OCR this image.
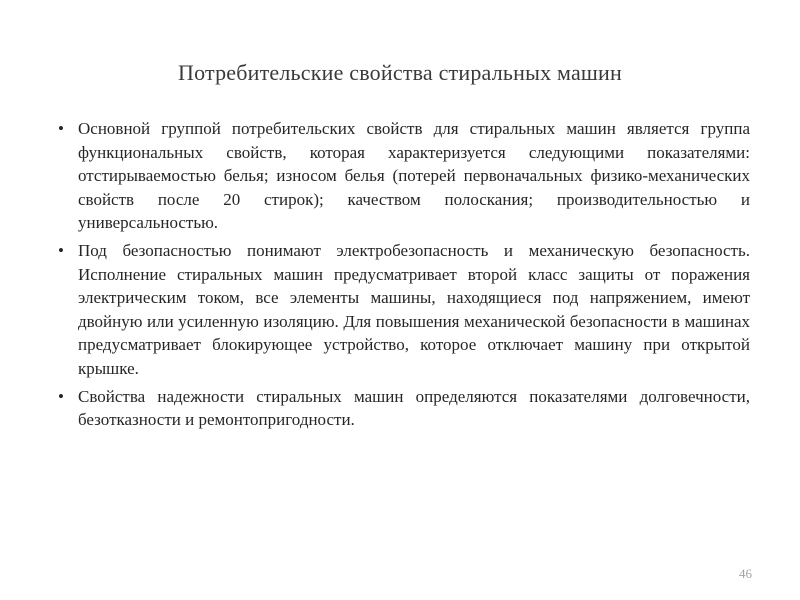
Потребительские свойства стиральных машин
• Основной группой потребительских свойств для стиральных машин является группа функциональных свойств, которая характеризуется следующими показателями: отстирываемостью белья; износом белья (потерей первоначальных физико-механических свойств после 20 стирок); качеством полоскания; производительностью и универсальностью.
• Под безопасностью понимают электробезопасность и механическую безопасность. Исполнение стиральных машин предусматривает второй класс защиты от поражения электрическим током, все элементы машины, находящиеся под напряжением, имеют двойную или усиленную изоляцию. Для повышения механической безопасности в машинах предусматривает блокирующее устройство, которое отключает машину при открытой крышке.
• Свойства надежности стиральных машин определяются показателями долговечности, безотказности и ремонтопригодности.
46
